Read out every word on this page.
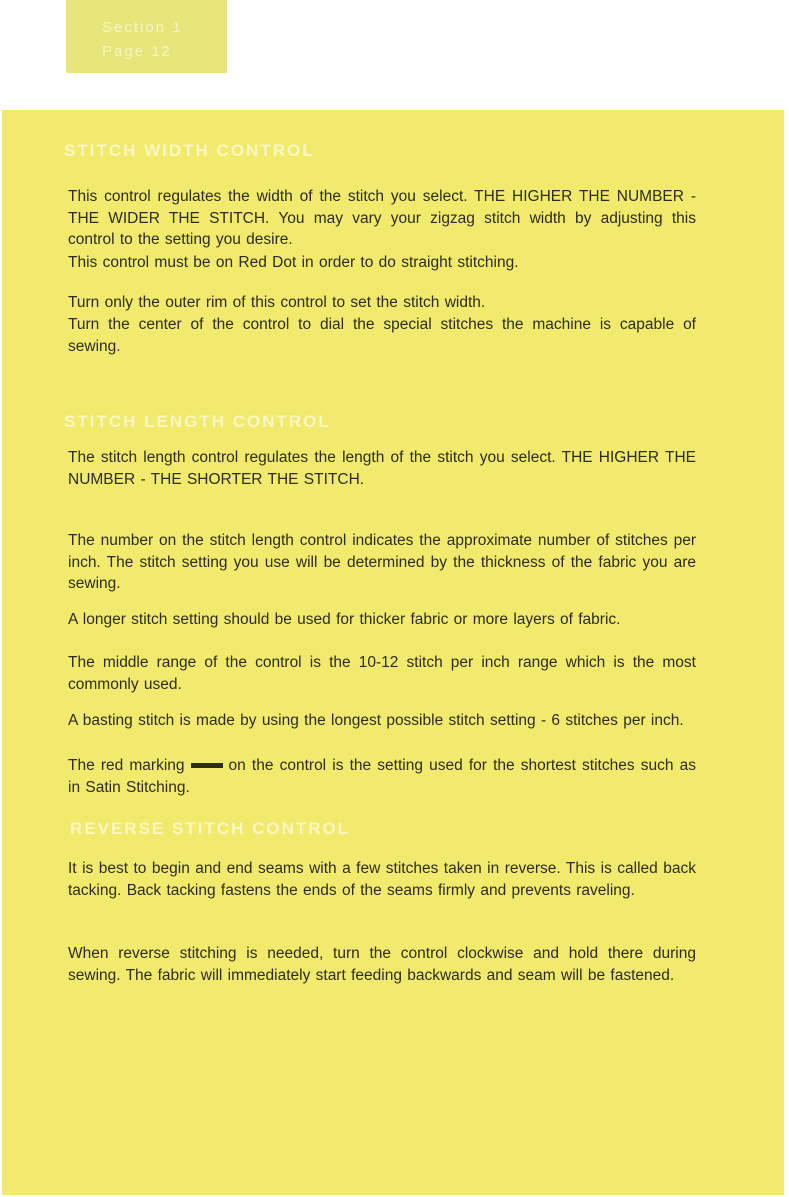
Section 1
Page 12
STITCH WIDTH CONTROL

This control regulates the width of the stitch you select. THE HIGHER THE NUMBER - THE WIDER THE STITCH. You may vary your zigzag stitch width by adjusting this control to the setting you desire.

This control must be on Red Dot in order to do straight stitching.

Turn only the outer rim of this control to set the stitch width.

Turn the center of the control to dial the special stitches the machine is capable of sewing.

STITCH LENGTH CONTROL

The stitch length control regulates the length of the stitch you select. THE HIGHER THE NUMBER - THE SHORTER THE STITCH.

The number on the stitch length control indicates the approximate number of stitches per inch. The stitch setting you use will be determined by the thickness of the fabric you are sewing.

A longer stitch setting should be used for thicker fabric or more layers of fabric.

The middle range of the control is the 10-12 stitch per inch range which is the most commonly used.

A basting stitch is made by using the longest possible stitch setting - 6 stitches per inch.

The red marking	on the control is the setting used for the shortest stitches such as in Satin Stitching.

REVERSE STITCH CONTROL

It is best to begin and end seams with a few stitches taken in reverse. This is called back tacking. Back tacking fastens the ends of the seams firmly and prevents raveling.

When reverse stitching is needed, turn the control clockwise and hold there during sewing. The fabric will immediately start feeding backwards and seam will be fastened.
